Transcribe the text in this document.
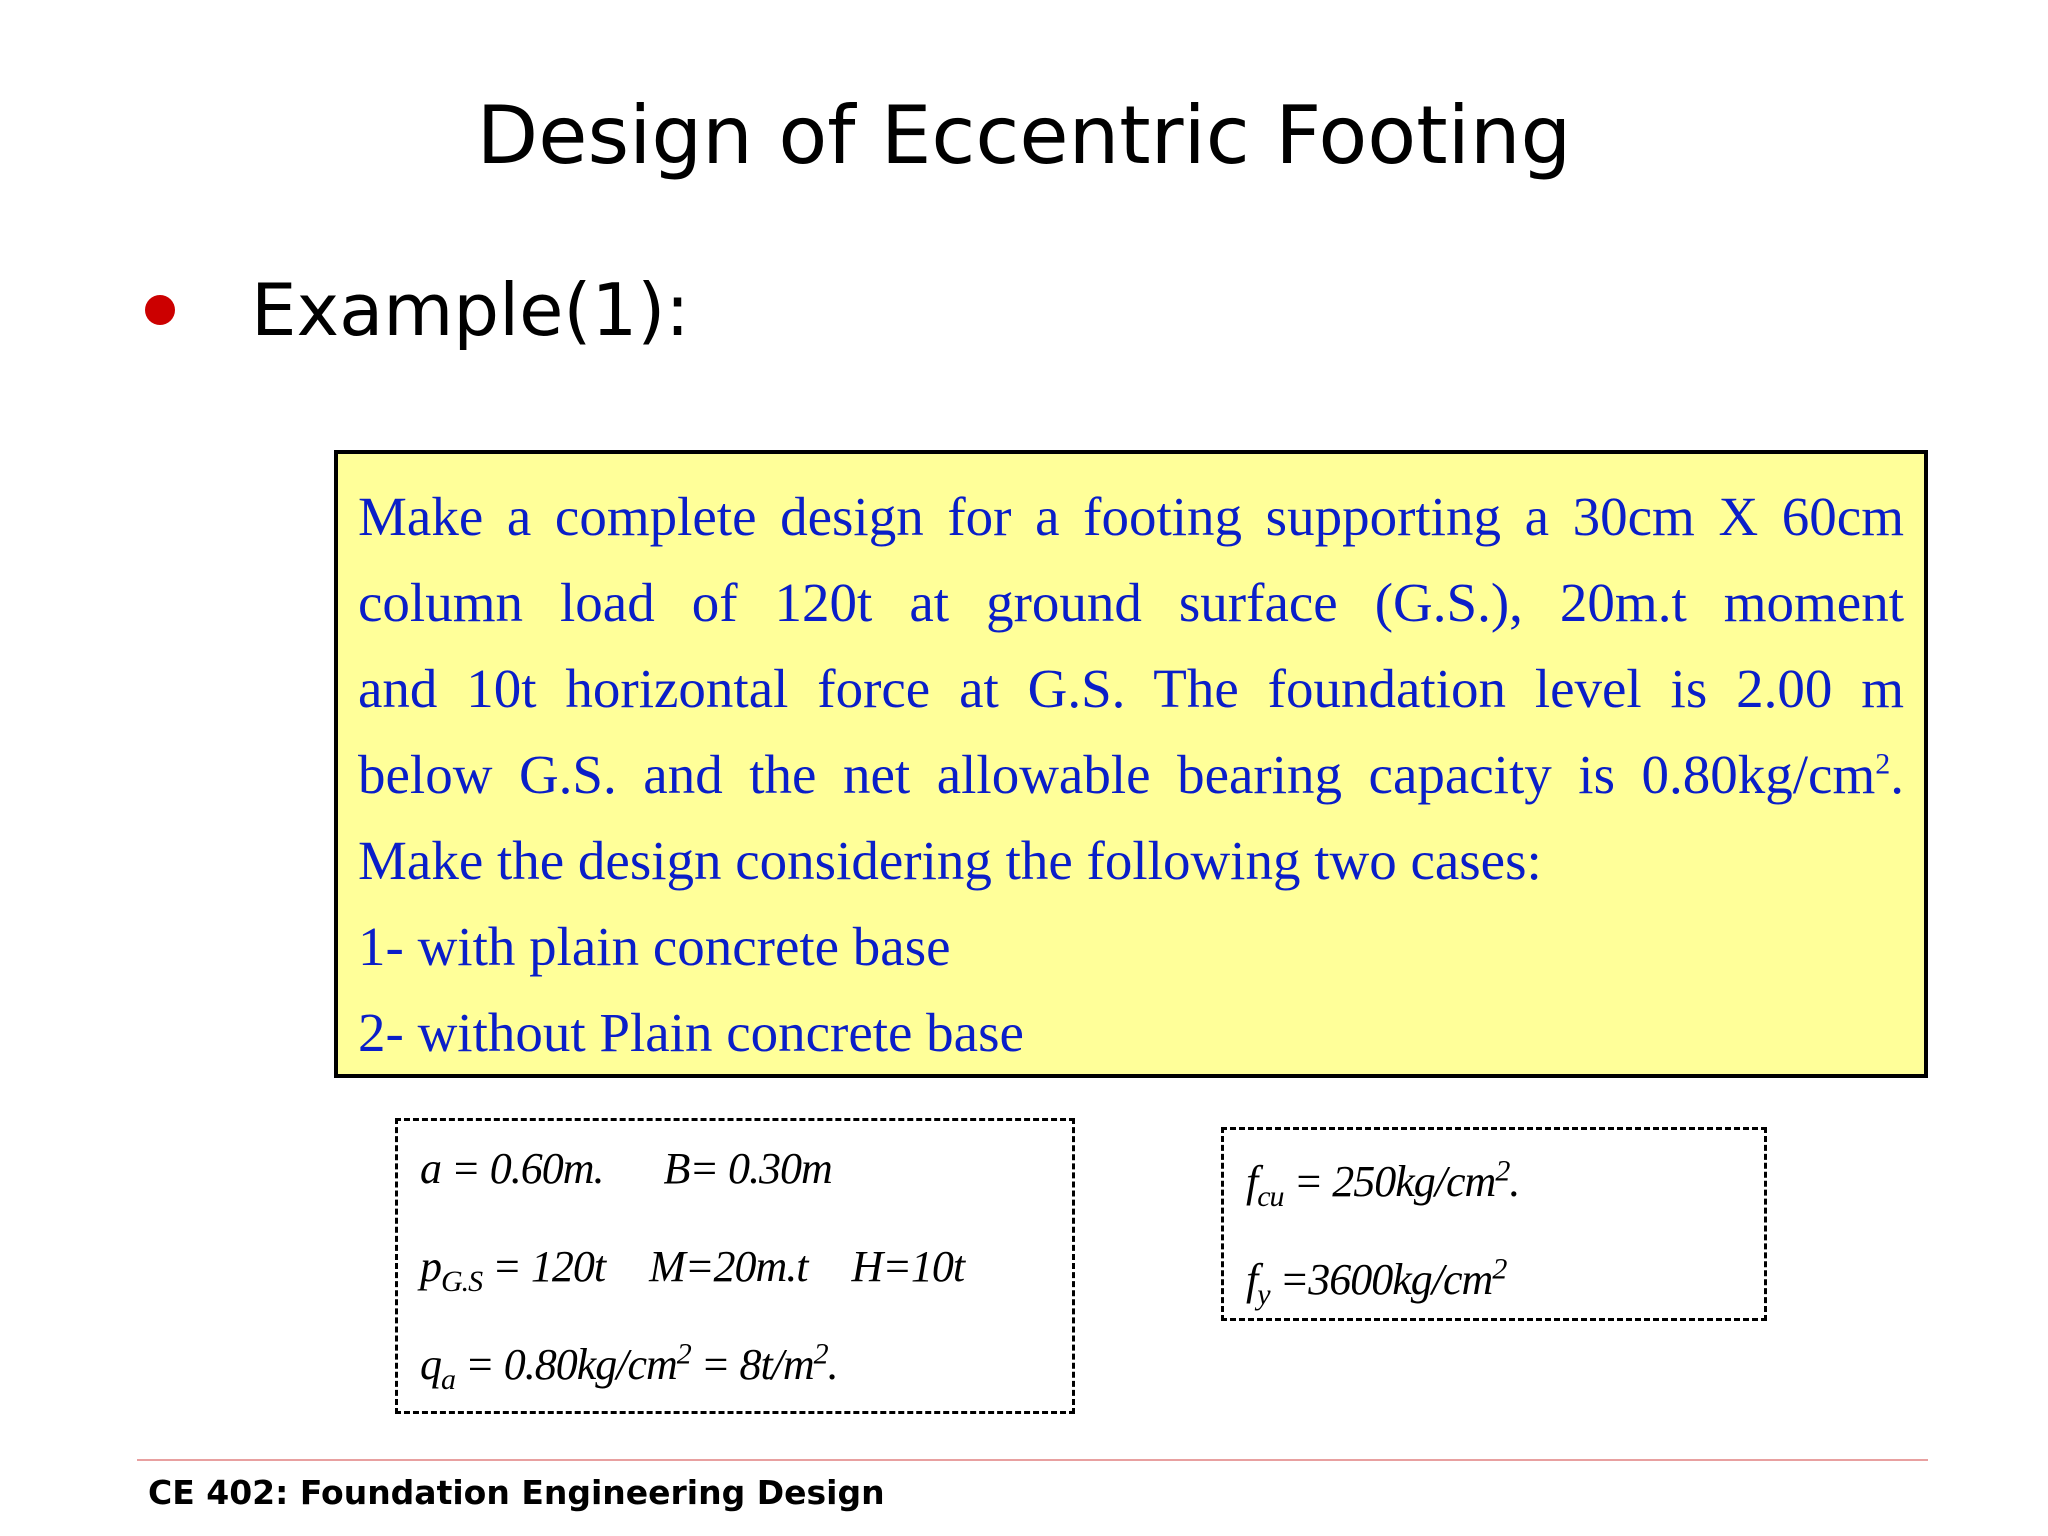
Design of Eccentric Footing
Example(1):
Make a complete design for a footing supporting a 30cm X 60cm
column load of 120t at ground surface (G.S.), 20m.t moment
and 10t horizontal force at G.S. The foundation level is 2.00 m
below G.S. and the net allowable bearing capacity is $0.80kg/cm^2$.
Make the design considering the following two cases:
1- with plain concrete base
2- without Plain concrete base
a = 0.60m. B= 0.30m
$p_{G.S} = 120t$ M=20m.t H=10t
$q_a = 0.80kg/cm^2 = 8t/m^2$.
$f_{cu} = 250kg/cm^2$.
$f_y =3600kg/cm^2$
CE 402: Foundation Engineering Design
